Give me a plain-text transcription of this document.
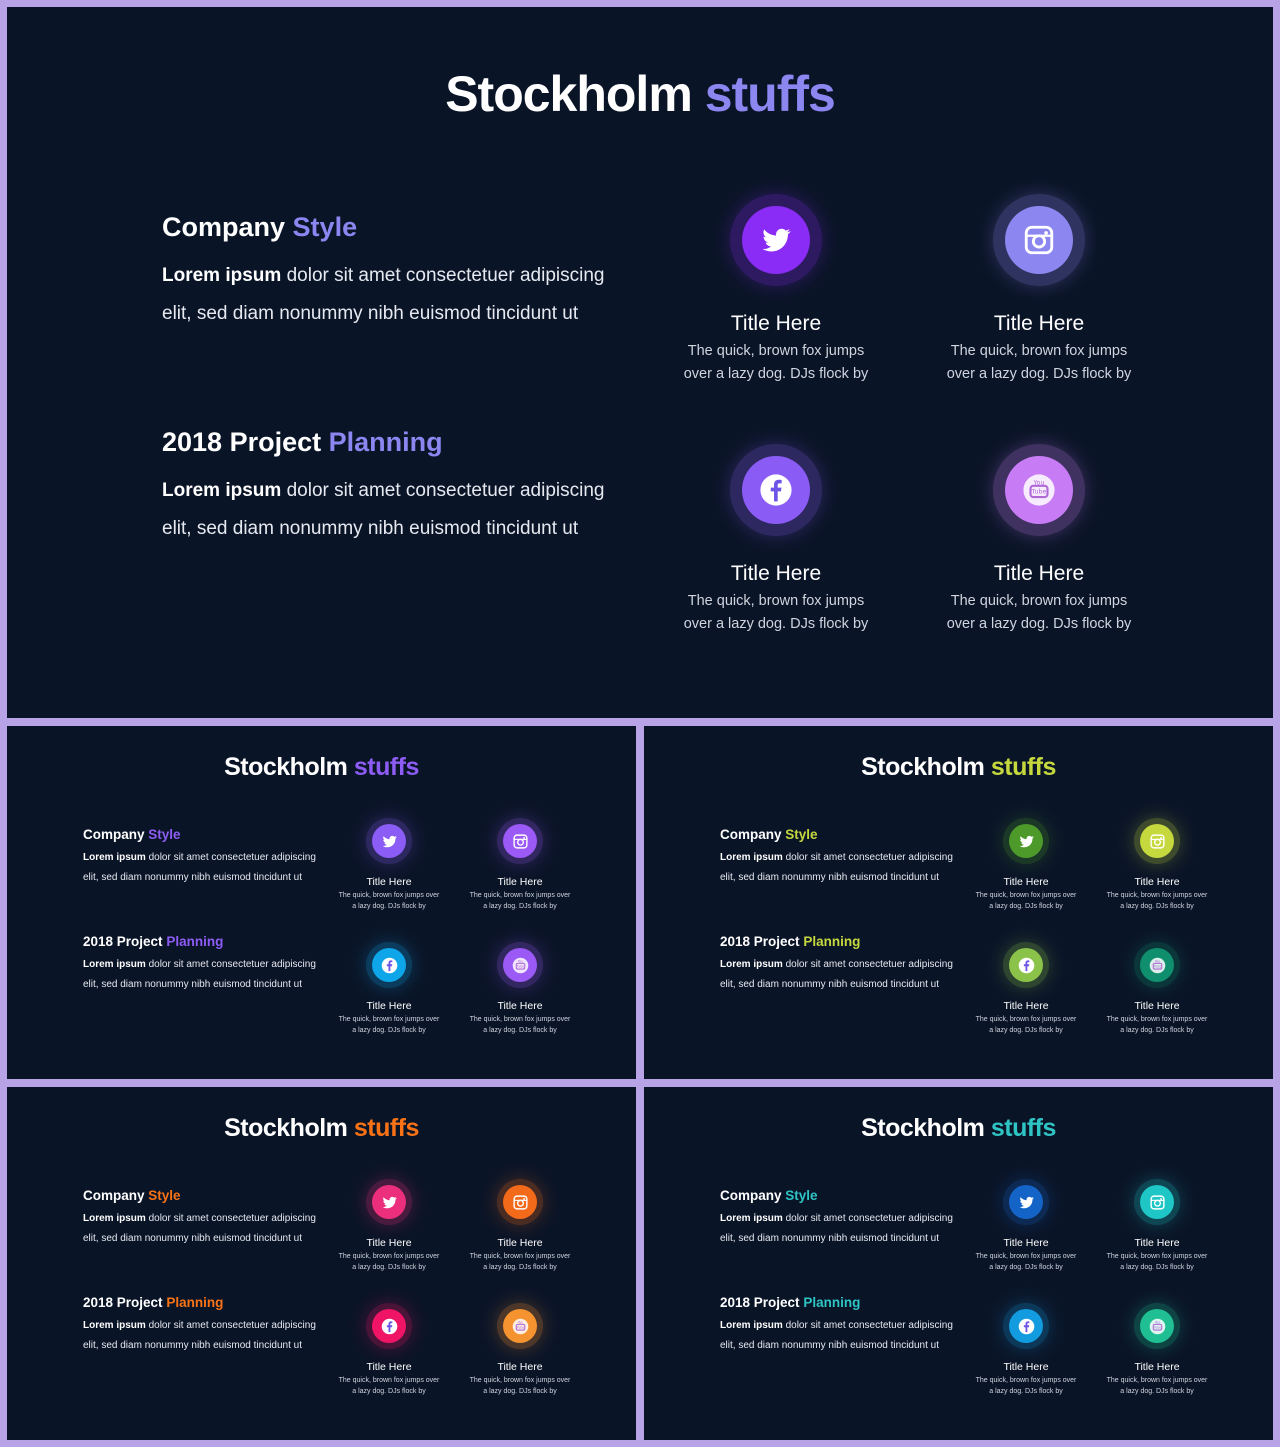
Stockholm stuffs
Company Style

Lorem ipsum dolor sit amet consectetuer adipiscing elit, sed diam nonummy nibh euismod tincidunt ut

2018 Project Planning

Lorem ipsum dolor sit amet consectetuer adipiscing elit, sed diam nonummy nibh euismod tincidunt ut

Title Here
The quick, brown fox jumps over a lazy dog. DJs flock by
Title Here
The quick, brown fox jumps over a lazy dog. DJs flock by
Title Here
The quick, brown fox jumps over a lazy dog. DJs flock by
You
Tube
Title Here
The quick, brown fox jumps over a lazy dog. DJs flock by
Stockholm stuffs
Company Style

Lorem ipsum dolor sit amet consectetuer adipiscing elit, sed diam nonummy nibh euismod tincidunt ut

2018 Project Planning

Lorem ipsum dolor sit amet consectetuer adipiscing elit, sed diam nonummy nibh euismod tincidunt ut

Title Here
The quick, brown fox jumps over a lazy dog. DJs flock by
Title Here
The quick, brown fox jumps over a lazy dog. DJs flock by
Title Here
The quick, brown fox jumps over a lazy dog. DJs flock by
You
Tube
Title Here
The quick, brown fox jumps over a lazy dog. DJs flock by
Stockholm stuffs
Company Style

Lorem ipsum dolor sit amet consectetuer adipiscing elit, sed diam nonummy nibh euismod tincidunt ut

2018 Project Planning

Lorem ipsum dolor sit amet consectetuer adipiscing elit, sed diam nonummy nibh euismod tincidunt ut

Title Here
The quick, brown fox jumps over a lazy dog. DJs flock by
Title Here
The quick, brown fox jumps over a lazy dog. DJs flock by
Title Here
The quick, brown fox jumps over a lazy dog. DJs flock by
You
Tube
Title Here
The quick, brown fox jumps over a lazy dog. DJs flock by
Stockholm stuffs
Company Style

Lorem ipsum dolor sit amet consectetuer adipiscing elit, sed diam nonummy nibh euismod tincidunt ut

2018 Project Planning

Lorem ipsum dolor sit amet consectetuer adipiscing elit, sed diam nonummy nibh euismod tincidunt ut

Title Here
The quick, brown fox jumps over a lazy dog. DJs flock by
Title Here
The quick, brown fox jumps over a lazy dog. DJs flock by
Title Here
The quick, brown fox jumps over a lazy dog. DJs flock by
You
Tube
Title Here
The quick, brown fox jumps over a lazy dog. DJs flock by
Stockholm stuffs
Company Style

Lorem ipsum dolor sit amet consectetuer adipiscing elit, sed diam nonummy nibh euismod tincidunt ut

2018 Project Planning

Lorem ipsum dolor sit amet consectetuer adipiscing elit, sed diam nonummy nibh euismod tincidunt ut

Title Here
The quick, brown fox jumps over a lazy dog. DJs flock by
Title Here
The quick, brown fox jumps over a lazy dog. DJs flock by
Title Here
The quick, brown fox jumps over a lazy dog. DJs flock by
You
Tube
Title Here
The quick, brown fox jumps over a lazy dog. DJs flock by
